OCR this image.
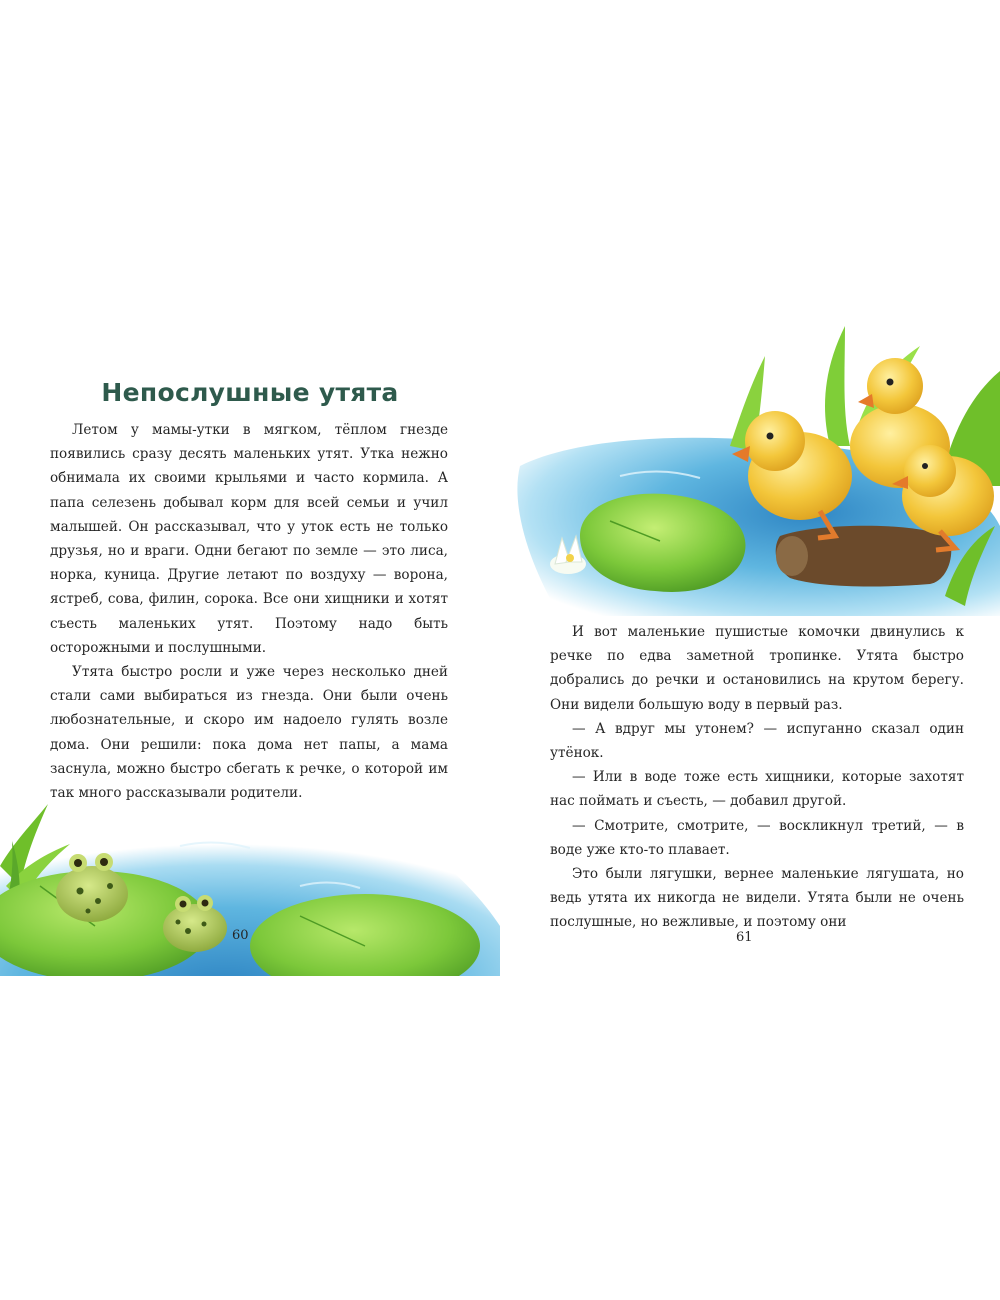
Непослушные утята

Летом у мамы-утки в мягком, тёплом гнезде появились сразу десять маленьких утят. Утка нежно обнимала их своими крыльями и часто кормила. А папа селезень добывал корм для всей семьи и учил малышей. Он рассказывал, что у уток есть не только друзья, но и враги. Одни бегают по земле — это лиса, норка, куница. Другие летают по воздуху — ворона, ястреб, сова, филин, сорока. Все они хищники и хотят съесть маленьких утят. Поэтому надо быть осторожными и послушными.

Утята быстро росли и уже через несколько дней стали сами выбираться из гнезда. Они были очень любознательные, и скоро им надоело гулять возле дома. Они решили: пока дома нет папы, а мама заснула, можно быстро сбегать к речке, о которой им так много рассказывали родители.

60

И вот маленькие пушистые комочки двинулись к речке по едва заметной тропинке. Утята быстро добрались до речки и остановились на крутом берегу. Они видели большую воду в первый раз.

— А вдруг мы утонем? — испуганно сказал один утёнок.

— Или в воде тоже есть хищники, которые захотят нас поймать и съесть, — добавил другой.

— Смотрите, смотрите, — воскликнул третий, — в воде уже кто-то плавает.

Это были лягушки, вернее маленькие лягушата, но ведь утята их никогда не видели. Утята были не очень послушные, но вежливые, и поэтому они

61
